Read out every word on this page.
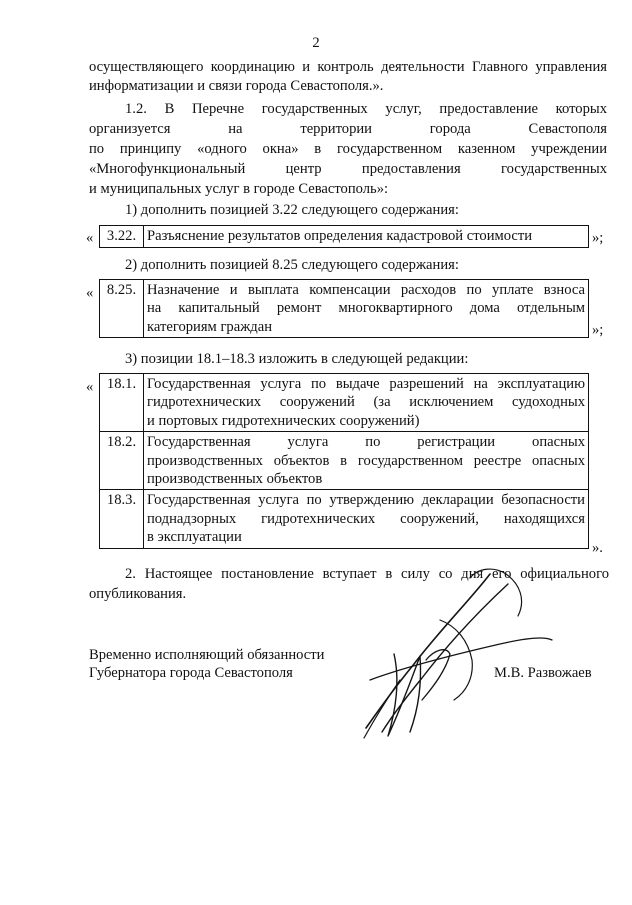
2
осуществляющего координацию и контроль деятельности Главного управления
информатизации и связи города Севастополя.».
1.2. В Перечне государственных услуг, предоставление которых
организуется на территории города Севастополя
по принципу «одного окна» в государственном казенном учреждении
«Многофункциональный центр предоставления государственных
и муниципальных услуг в городе Севастополь»:
1) дополнить позицией 3.22 следующего содержания:
« 3.22.	Разъяснение результатов определения кадастровой стоимости	»;
2) дополнить позицией 8.25 следующего содержания:
« 8.25.	Назначение и выплата компенсации расходов по уплате взноса
на капитальный ремонт многоквартирного дома отдельным
категориям граждан	»;
3) позиции 18.1–18.3 изложить в следующей редакции:
« 18.1.	Государственная услуга по выдаче разрешений на эксплуатацию
гидротехнических сооружений (за исключением судоходных
и портовых гидротехнических сооружений)

18.2.	Государственная услуга по регистрации опасных
производственных объектов в государственном реестре опасных
производственных объектов

18.3.	Государственная услуга по утверждению декларации безопасности
поднадзорных гидротехнических сооружений, находящихся
в эксплуатации
».
2. Настоящее постановление вступает в силу со дня его официального
опубликования.
Временно исполняющий обязанности
Губернатора города Севастополя	М.В. Развожаев
